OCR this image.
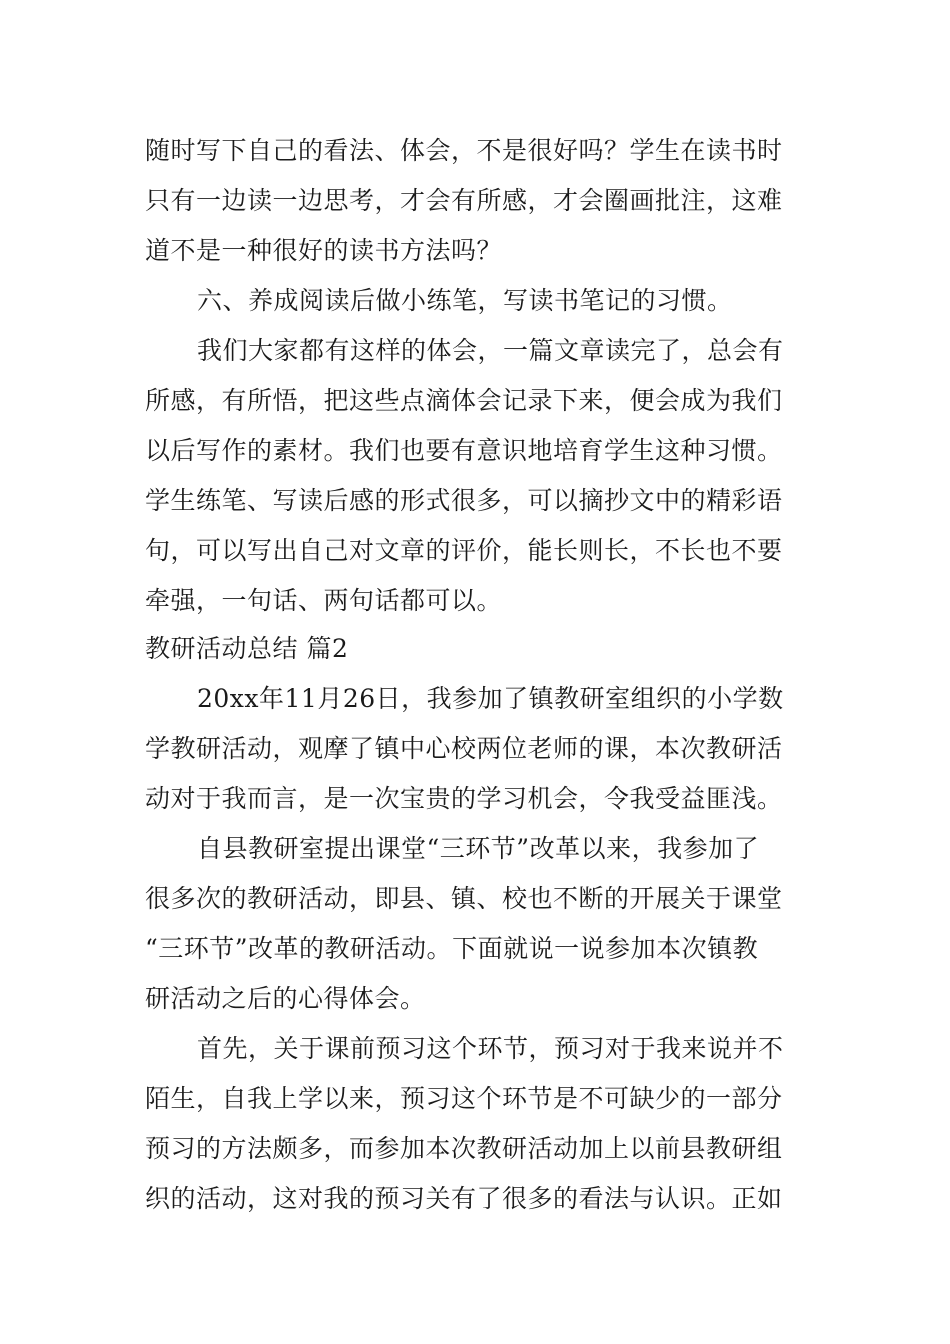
随时写下自己的看法、体会，不是很好吗？学生在读书时
只有一边读一边思考，才会有所感，才会圈画批注，这难
道不是一种很好的读书方法吗？
六、养成阅读后做小练笔，写读书笔记的习惯。
我们大家都有这样的体会，一篇文章读完了，总会有
所感，有所悟，把这些点滴体会记录下来，便会成为我们
以后写作的素材。我们也要有意识地培育学生这种习惯。
学生练笔、写读后感的形式很多，可以摘抄文中的精彩语
句，可以写出自己对文章的评价，能长则长，不长也不要
牵强，一句话、两句话都可以。
教研活动总结 篇2
20xx年11月26日，我参加了镇教研室组织的小学数
学教研活动，观摩了镇中心校两位老师的课，本次教研活
动对于我而言，是一次宝贵的学习机会，令我受益匪浅。
自县教研室提出课堂“三环节”改革以来，我参加了
很多次的教研活动，即县、镇、校也不断的开展关于课堂
“三环节”改革的教研活动。下面就说一说参加本次镇教
研活动之后的心得体会。
首先，关于课前预习这个环节，预习对于我来说并不
陌生，自我上学以来，预习这个环节是不可缺少的一部分
预习的方法颇多，而参加本次教研活动加上以前县教研组
织的活动，这对我的预习关有了很多的看法与认识。正如
